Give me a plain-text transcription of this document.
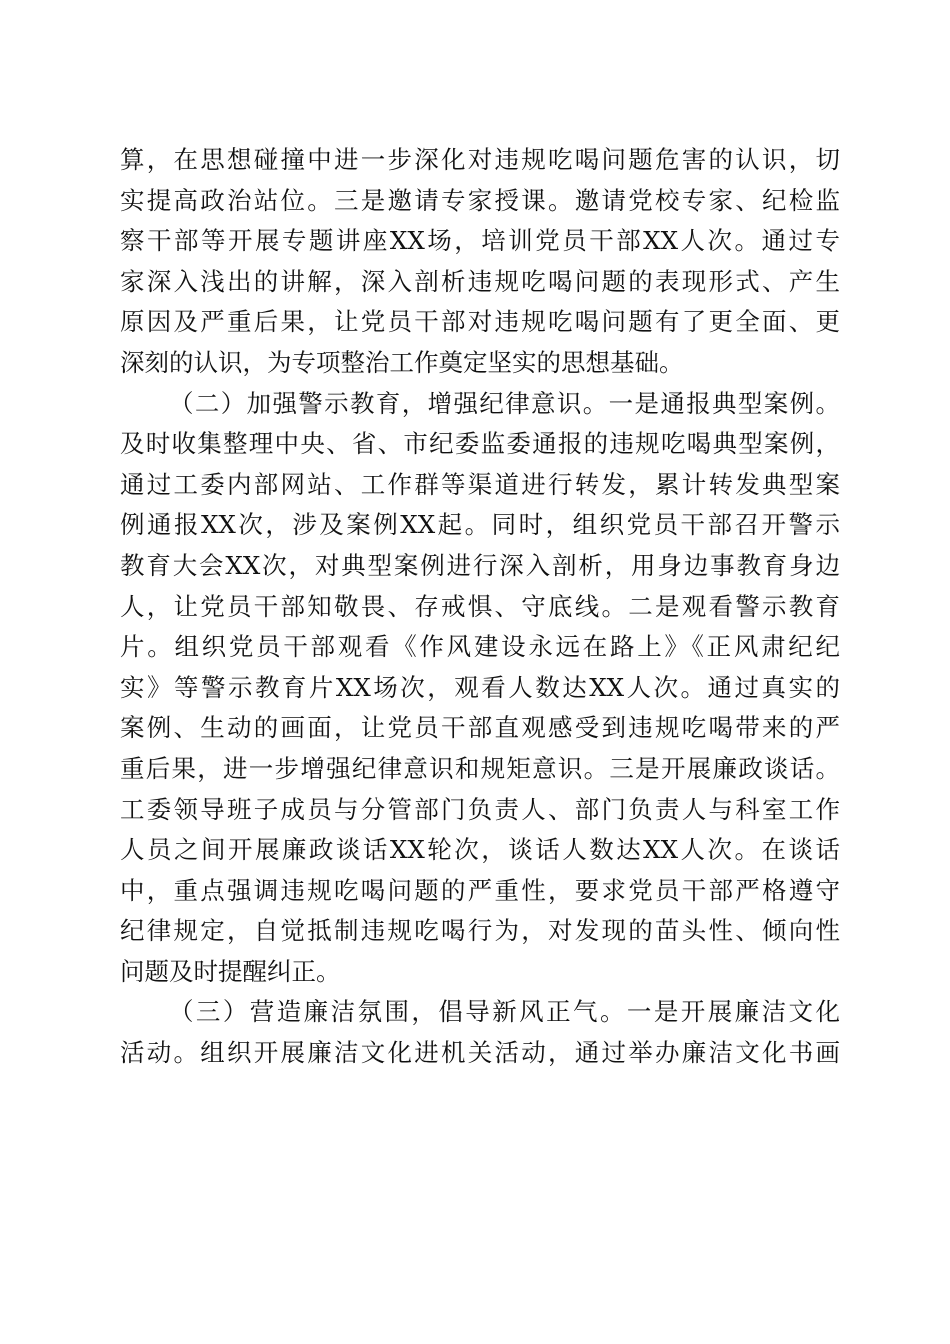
算，在思想碰撞中进一步深化对违规吃喝问题危害的认识，切
实提高政治站位。三是邀请专家授课。邀请党校专家、纪检监
察干部等开展专题讲座XX场，培训党员干部XX人次。通过专
家深入浅出的讲解，深入剖析违规吃喝问题的表现形式、产生
原因及严重后果，让党员干部对违规吃喝问题有了更全面、更
深刻的认识，为专项整治工作奠定坚实的思想基础。
（二）加强警示教育，增强纪律意识。一是通报典型案例。
及时收集整理中央、省、市纪委监委通报的违规吃喝典型案例，
通过工委内部网站、工作群等渠道进行转发，累计转发典型案
例通报XX次，涉及案例XX起。同时，组织党员干部召开警示
教育大会XX次，对典型案例进行深入剖析，用身边事教育身边
人，让党员干部知敬畏、存戒惧、守底线。二是观看警示教育
片。组织党员干部观看《作风建设永远在路上》《正风肃纪纪
实》等警示教育片XX场次，观看人数达XX人次。通过真实的
案例、生动的画面，让党员干部直观感受到违规吃喝带来的严
重后果，进一步增强纪律意识和规矩意识。三是开展廉政谈话。
工委领导班子成员与分管部门负责人、部门负责人与科室工作
人员之间开展廉政谈话XX轮次，谈话人数达XX人次。在谈话
中，重点强调违规吃喝问题的严重性，要求党员干部严格遵守
纪律规定，自觉抵制违规吃喝行为，对发现的苗头性、倾向性
问题及时提醒纠正。
（三）营造廉洁氛围，倡导新风正气。一是开展廉洁文化
活动。组织开展廉洁文化进机关活动，通过举办廉洁文化书画
